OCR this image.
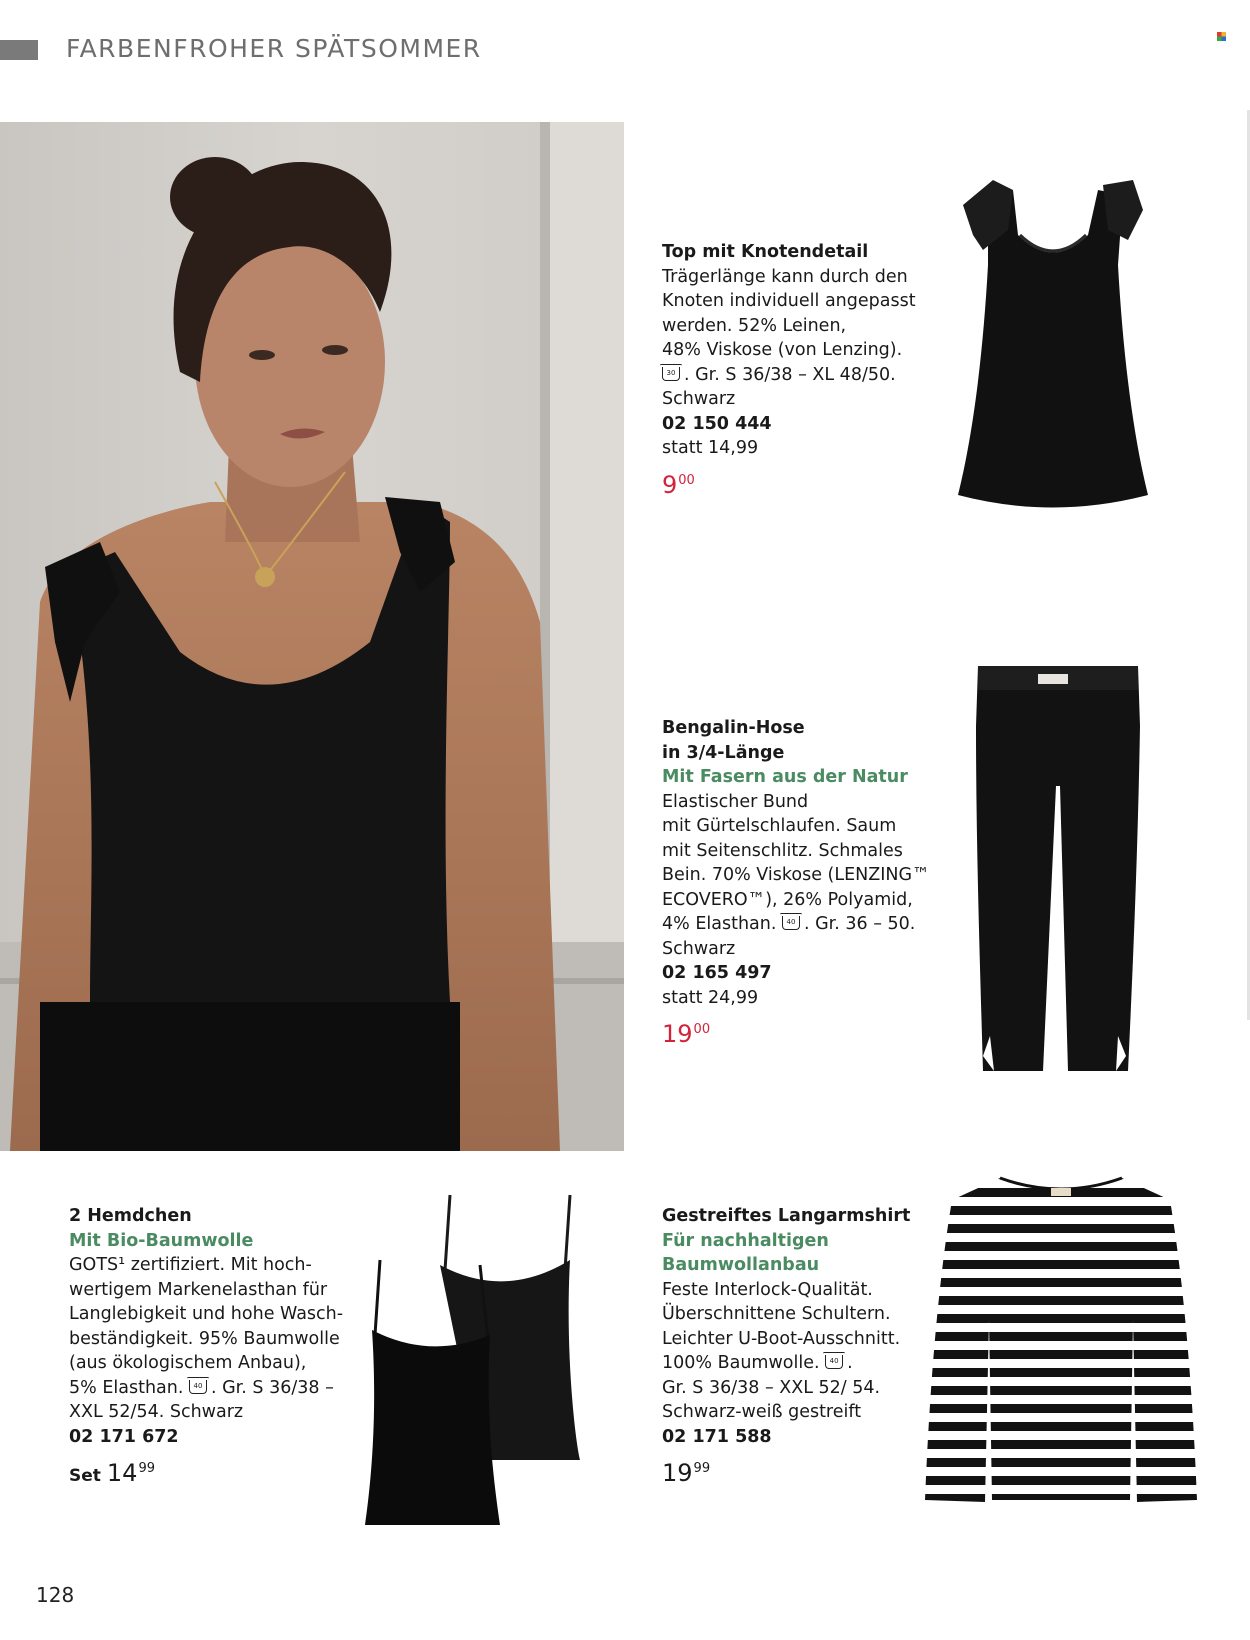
FARBENFROHER SPÄTSOMMER
Top mit Knotendetail
Trägerlänge kann durch den
Knoten individuell angepasst
werden. 52% Leinen,
48% Viskose (von Lenzing).
30 . Gr. S 36/38 – XL 48/50.
Schwarz
02 150 444
statt 14,99
$9^{00}$
Bengalin-Hose
in 3/4-Länge
Mit Fasern aus der Natur
Elastischer Bund
mit Gürtelschlaufen. Saum
mit Seitenschlitz. Schmales
Bein. 70% Viskose (LENZING™
ECOVERO™), 26% Polyamid,
4% Elasthan.	40 . Gr. 36 – 50.
Schwarz
02 165 497
statt 24,99
$19^{00}$
2 Hemdchen
Mit Bio-Baumwolle
GOTS¹ zertifiziert. Mit hoch-
wertigem Markenelasthan für
Langlebigkeit und hohe Wasch-
beständigkeit. 95% Baumwolle
(aus ökologischem Anbau),
5% Elasthan.	40 . Gr. S 36/38 –
XXL 52/54. Schwarz
02 171 672
Set $14^{99}$
Gestreiftes Langarmshirt
Für nachhaltigen
Baumwollanbau
Feste Interlock-Qualität.
Überschnittene Schultern.
Leichter U-Boot-Ausschnitt.
100% Baumwolle.	40 .
Gr. S 36/38 – XXL 52/ 54.
Schwarz-weiß gestreift
02 171 588
$19^{99}$
128
